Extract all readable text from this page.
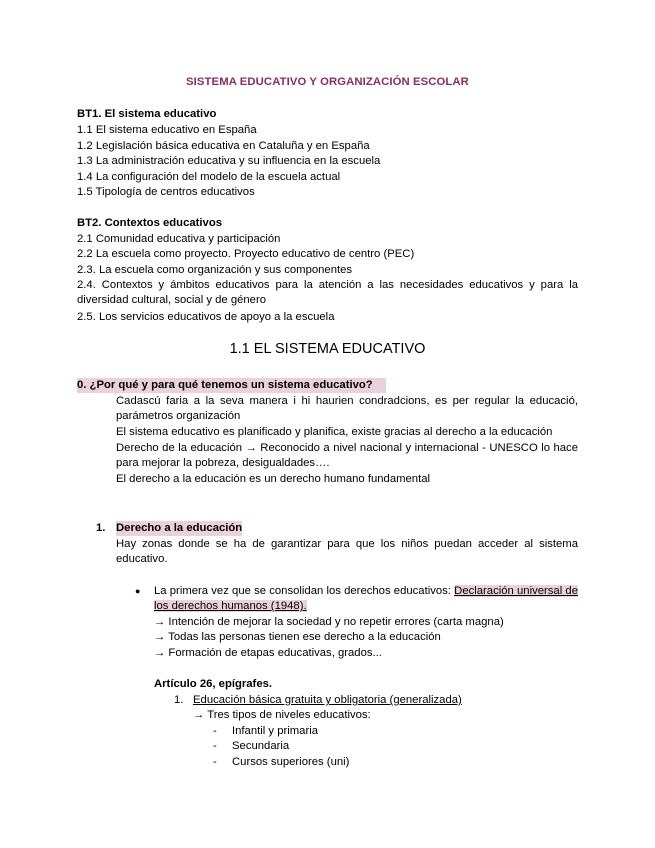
SISTEMA EDUCATIVO Y ORGANIZACIÓN ESCOLAR
BT1. El sistema educativo
1.1 El sistema educativo en España
1.2 Legislación básica educativa en Cataluña y en España
1.3 La administración educativa y su influencia en la escuela
1.4 La configuración del modelo de la escuela actual
1.5 Tipología de centros educativos
BT2. Contextos educativos
2.1 Comunidad educativa y participación
2.2 La escuela como proyecto. Proyecto educativo de centro (PEC)
2.3. La escuela como organización y sus componentes
2.4. Contextos y ámbitos educativos para la atención a las necesidades educativos y para la diversidad cultural, social y de género
2.5. Los servicios educativos de apoyo a la escuela
1.1 EL SISTEMA EDUCATIVO
0. ¿Por qué y para qué tenemos un sistema educativo?
Cadascú faria a la seva manera i hi haurien condradcions, es per regular la educació, parámetros organización
El sistema educativo es planificado y planifica, existe gracias al derecho a la educación
Derecho de la educación → Reconocido a nivel nacional y internacional - UNESCO lo hace para mejorar la pobreza, desigualdades….
El derecho a la educación es un derecho humano fundamental
1. Derecho a la educación
Hay zonas donde se ha de garantizar para que los niños puedan acceder al sistema educativo.
● La primera vez que se consolidan los derechos educativos: Declaración universal de los derechos humanos (1948).
→ Intención de mejorar la sociedad y no repetir errores (carta magna)
→ Todas las personas tienen ese derecho a la educación
→ Formación de etapas educativas, grados...
Artículo 26, epígrafes.
1. Educación básica gratuita y obligatoria (generalizada)
→ Tres tipos de niveles educativos:
- Infantil y primaria
- Secundaria
- Cursos superiores (uni)
